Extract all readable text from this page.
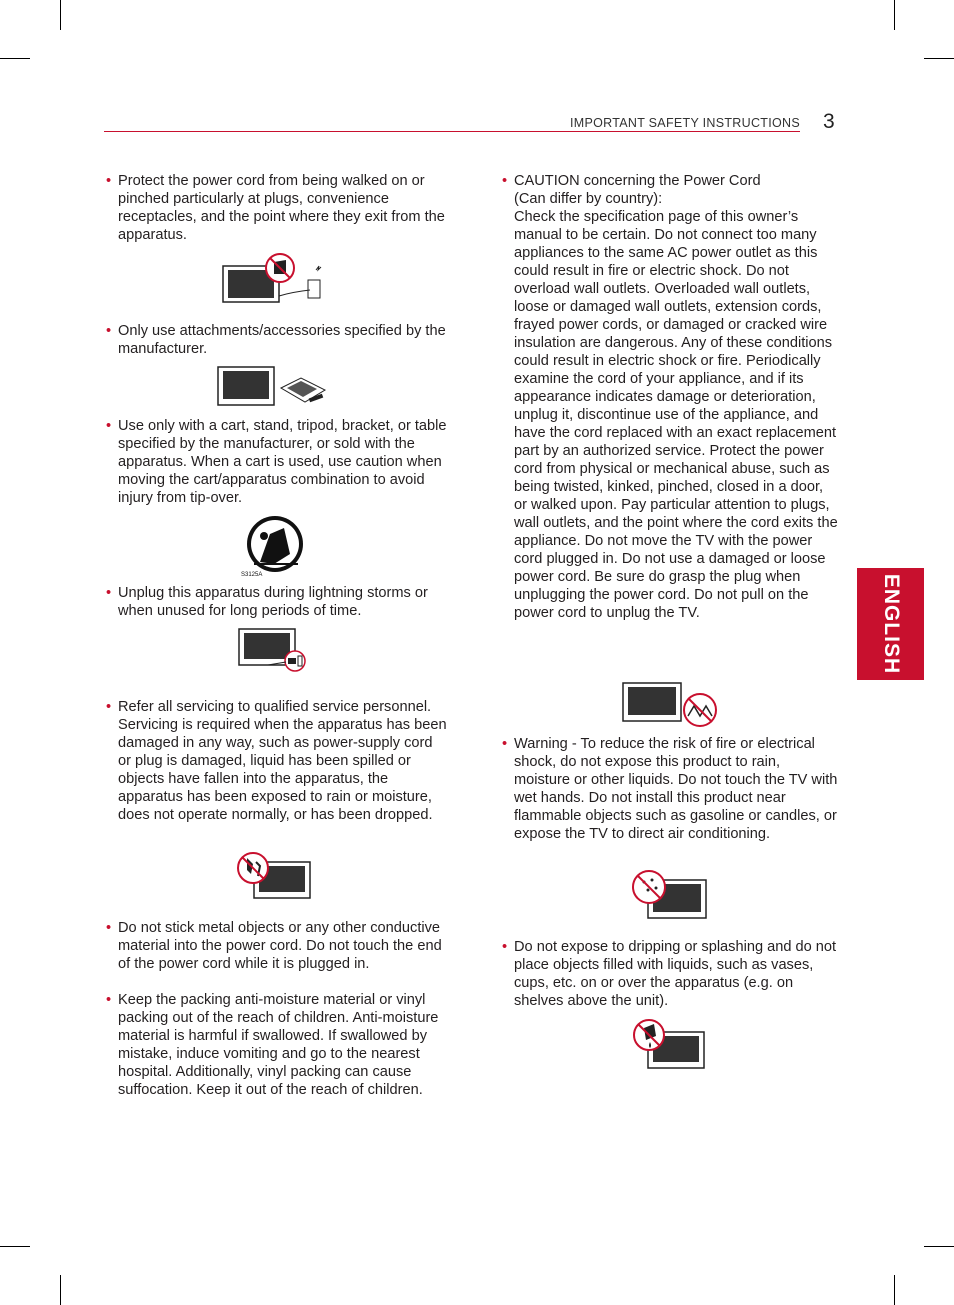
IMPORTANT SAFETY INSTRUCTIONS 3
ENGLISH
• Protect the power cord from being walked on or pinched particularly at plugs, convenience receptacles, and the point where they exit from the apparatus.

• Only use attachments/accessories specified by the manufacturer.

• Use only with a cart, stand, tripod, bracket, or table specified by the manufacturer, or sold with the apparatus. When a cart is used, use caution when moving the cart/apparatus combination to avoid injury from tip-over.

S3125A
• Unplug this apparatus during lightning storms or when unused for long periods of time.

• Refer all servicing to qualified service personnel. Servicing is required when the apparatus has been damaged in any way, such as power-supply cord or plug is damaged, liquid has been spilled or objects have fallen into the apparatus, the apparatus has been exposed to rain or moisture, does not operate normally, or has been dropped.

• Do not stick metal objects or any other conductive material into the power cord. Do not touch the end of the power cord while it is plugged in.

• Keep the packing anti-moisture material or vinyl packing out of the reach of children. Anti-moisture material is harmful if swallowed. If swallowed by mistake, induce vomiting and go to the nearest hospital. Additionally, vinyl packing can cause suffocation. Keep it out of the reach of children.

• CAUTION concerning the Power Cord

(Can differ by country):

Check the specification page of this owner’s manual to be certain. Do not connect too many appliances to the same AC power outlet as this could result in fire or electric shock. Do not overload wall outlets. Overloaded wall outlets, loose or damaged wall outlets, extension cords, frayed power cords, or damaged or cracked wire insulation are dangerous. Any of these conditions could result in electric shock or fire. Periodically examine the cord of your appliance, and if its appearance indicates damage or deterioration, unplug it, discontinue use of the appliance, and have the cord replaced with an exact replacement part by an authorized service. Protect the power cord from physical or mechanical abuse, such as being twisted, kinked, pinched, closed in a door, or walked upon. Pay particular attention to plugs, wall outlets, and the point where the cord exits the appliance. Do not move the TV with the power cord plugged in. Do not use a damaged or loose power cord. Be sure do grasp the plug when unplugging the power cord. Do not pull on the power cord to unplug the TV.

• Warning - To reduce the risk of fire or electrical shock, do not expose this product to rain, moisture or other liquids. Do not touch the TV with wet hands. Do not install this product near flammable objects such as gasoline or candles, or expose the TV to direct air conditioning.

• Do not expose to dripping or splashing and do not place objects filled with liquids, such as vases, cups, etc. on or over the apparatus (e.g. on shelves above the unit).
